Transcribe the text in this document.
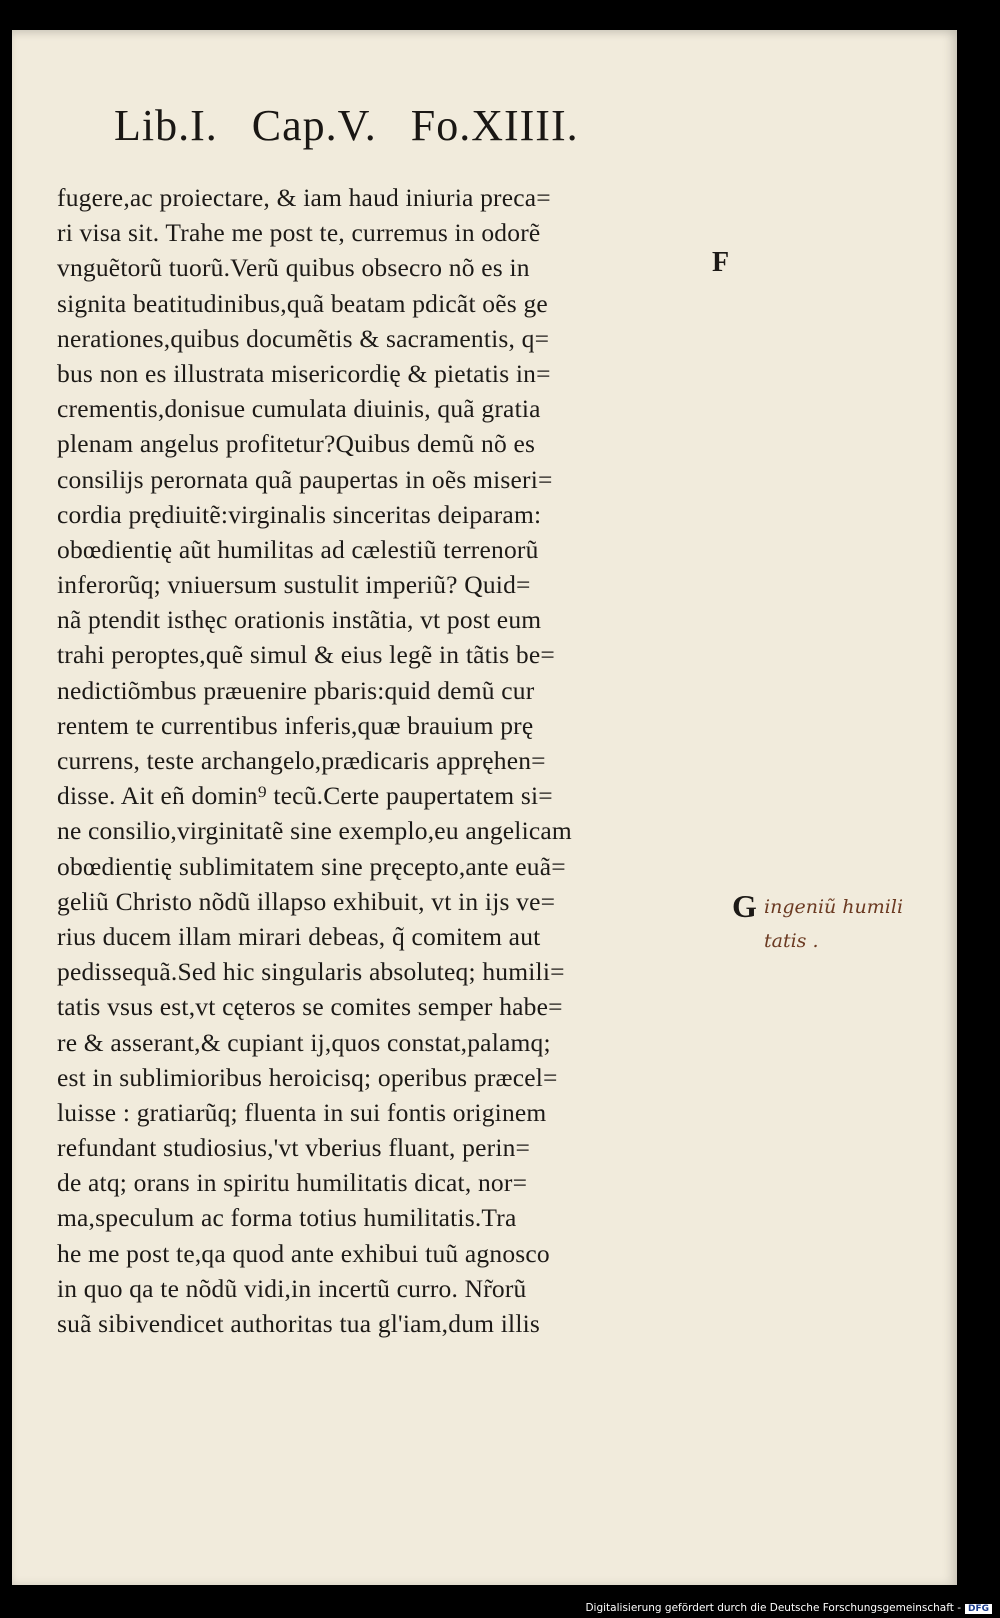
Lib.I. Cap.V. Fo.XIIII.
fugere,ac proiectare, & iam haud iniuria preca=
ri visa sit. Trahe me post te, curremus in odorẽ
vnguẽtorũ tuorũ.Verũ quibus obsecro nõ es in
signita beatitudinibus,quã beatam pdicãt oẽs ge
nerationes,quibus documẽtis & sacramentis, q=
bus non es illustrata misericordię & pietatis in=
crementis,donisue cumulata diuinis, quã gratia
plenam angelus profitetur?Quibus demũ nõ es
consilijs perornata quã paupertas in oẽs miseri=
cordia prędiuitẽ:virginalis sinceritas deiparam:
obœdientię aũt humilitas ad cælestiũ terrenorũ
inferorũq; vniuersum sustulit imperiũ? Quid=
nã ptendit isthęc orationis instãtia, vt post eum
trahi peroptes,quẽ simul & eius legẽ in tãtis be=
nedictiõmbus præuenire pbaris:quid demũ cur
rentem te currentibus inferis,quæ brauium prę
currens, teste archangelo,prædicaris appręhen=
disse. Ait eñ domin⁹ tecũ.Certe paupertatem si=
ne consilio,virginitatẽ sine exemplo,eu angelicam
obœdientię sublimitatem sine pręcepto,ante euã=
geliũ Christo nõdũ illapso exhibuit, vt in ijs ve=
rius ducem illam mirari debeas, q̃ comitem aut
pedissequã.Sed hic singularis absoluteq; humili=
tatis vsus est,vt cęteros se comites semper habe=
re & asserant,& cupiant ij,quos constat,palamq;
est in sublimioribus heroicisq; operibus præcel=
luisse : gratiarũq; fluenta in sui fontis originem
refundant studiosius,'vt vberius fluant, perin=
de atq; orans in spiritu humilitatis dicat, nor=
ma,speculum ac forma totius humilitatis.Tra
he me post te,qa quod ante exhibui tuũ agnosco
in quo qa te nõdũ vidi,in incertũ curro. Nr̃orũ
suã sibivendicet authoritas tua gl'iam,dum illis
F
G ingeniũ humili
tatis .
Digitalisierung gefördert durch die Deutsche Forschungsgemeinschaft - DFG
